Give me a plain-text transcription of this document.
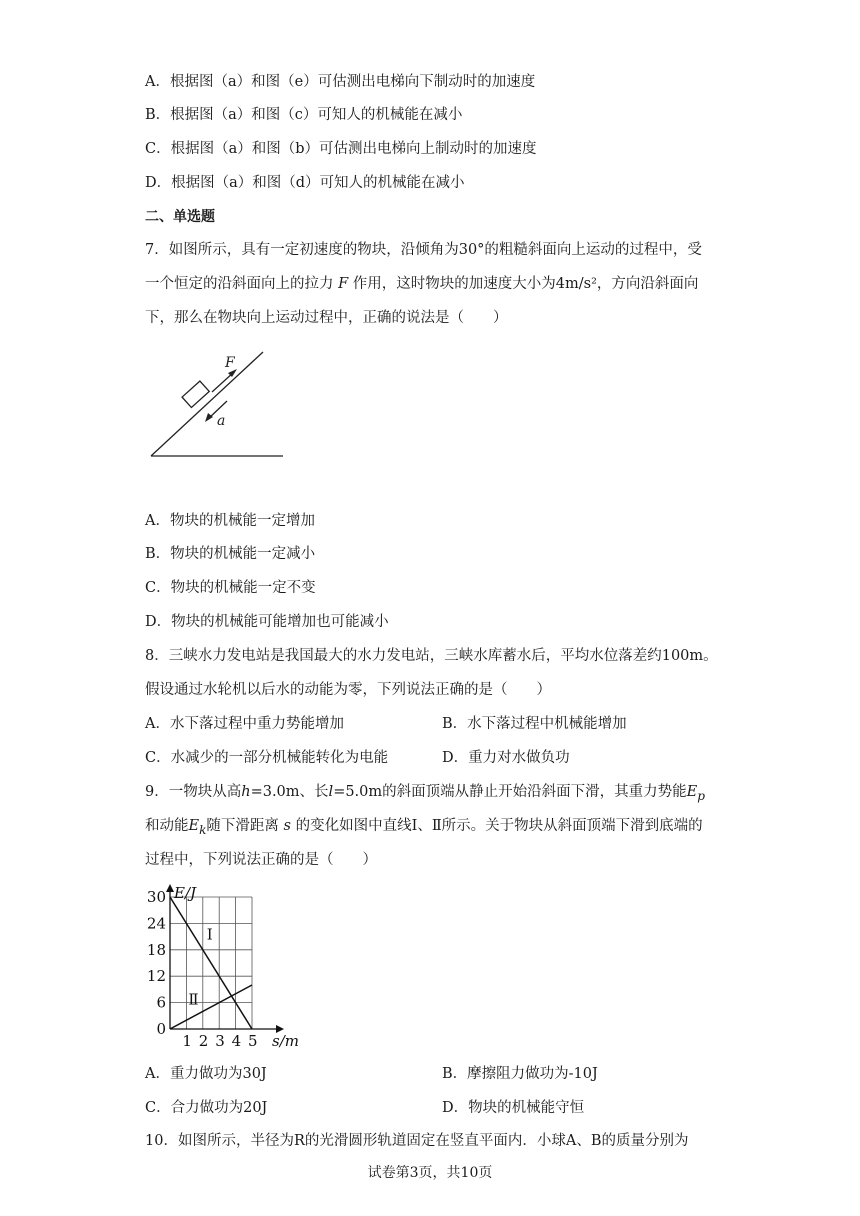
A．根据图（a）和图（e）可估测出电梯向下制动时的加速度
B．根据图（a）和图（c）可知人的机械能在减小
C．根据图（a）和图（b）可估测出电梯向上制动时的加速度
D．根据图（a）和图（d）可知人的机械能在减小
二、单选题
7．如图所示，具有一定初速度的物块，沿倾角为30°的粗糙斜面向上运动的过程中，受
一个恒定的沿斜面向上的拉力 F 作用，这时物块的加速度大小为4m/s²，方向沿斜面向
下，那么在物块向上运动过程中，正确的说法是（　　）
F
a
A．物块的机械能一定增加
B．物块的机械能一定减小
C．物块的机械能一定不变
D．物块的机械能可能增加也可能减小
8．三峡水力发电站是我国最大的水力发电站，三峡水库蓄水后，平均水位落差约100m。
假设通过水轮机以后水的动能为零，下列说法正确的是（　　）
A．水下落过程中重力势能增加	B．水下落过程中机械能增加
C．水减少的一部分机械能转化为电能	D．重力对水做负功
9．一物块从高h=3.0m、长l=5.0m的斜面顶端从静止开始沿斜面下滑，其重力势能$E_p$
和动能$E_k$随下滑距离 s 的变化如图中直线Ⅰ、Ⅱ所示。关于物块从斜面顶端下滑到底端的
过程中，下列说法正确的是（　　）
1 2 3 4 5
0
6
12
18
24
30 E/J
s/m
Ⅰ
Ⅱ
A．重力做功为30J	B．摩擦阻力做功为-10J
C．合力做功为20J	D．物块的机械能守恒
10．如图所示，半径为R的光滑圆形轨道固定在竖直平面内．小球A、B的质量分别为
试卷第3页，共10页
